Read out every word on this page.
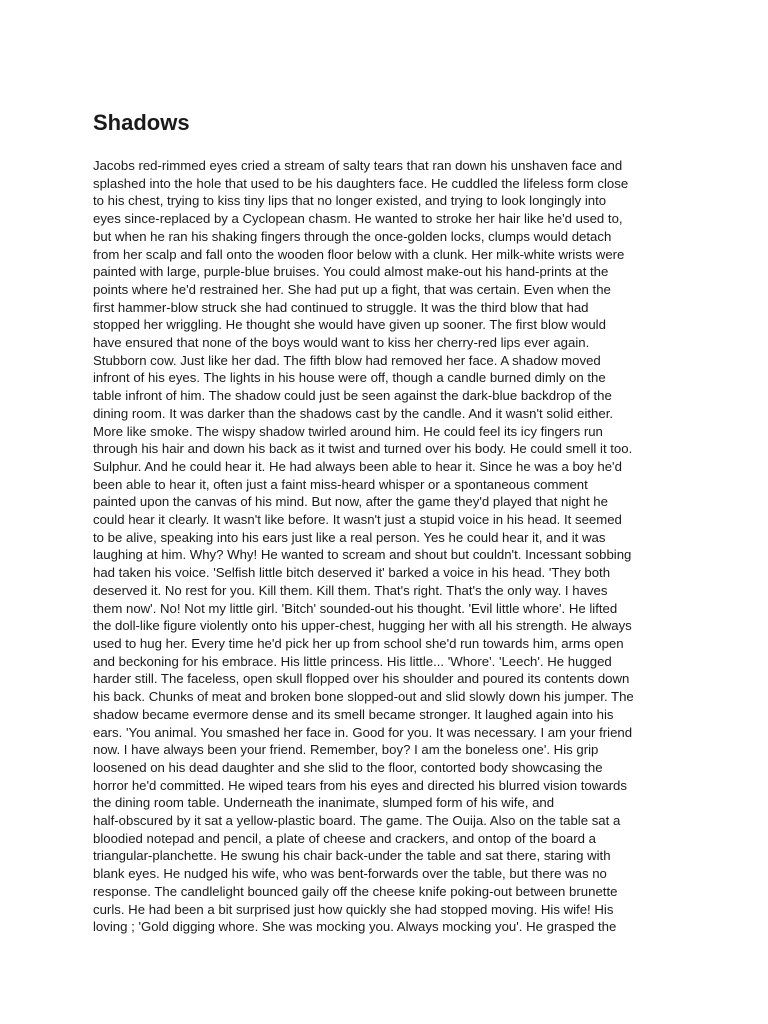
Shadows
Jacobs red-rimmed eyes cried a stream of salty tears that ran down his unshaven face and
splashed into the hole that used to be his daughters face. He cuddled the lifeless form close
to his chest, trying to kiss tiny lips that no longer existed, and trying to look longingly into
eyes since-replaced by a Cyclopean chasm. He wanted to stroke her hair like he'd used to,
but when he ran his shaking fingers through the once-golden locks, clumps would detach
from her scalp and fall onto the wooden floor below with a clunk. Her milk-white wrists were
painted with large, purple-blue bruises. You could almost make-out his hand-prints at the
points where he'd restrained her. She had put up a fight, that was certain. Even when the
first hammer-blow struck she had continued to struggle. It was the third blow that had
stopped her wriggling. He thought she would have given up sooner. The first blow would
have ensured that none of the boys would want to kiss her cherry-red lips ever again.
Stubborn cow. Just like her dad. The fifth blow had removed her face. A shadow moved
infront of his eyes. The lights in his house were off, though a candle burned dimly on the
table infront of him. The shadow could just be seen against the dark-blue backdrop of the
dining room. It was darker than the shadows cast by the candle. And it wasn't solid either.
More like smoke. The wispy shadow twirled around him. He could feel its icy fingers run
through his hair and down his back as it twist and turned over his body. He could smell it too.
Sulphur. And he could hear it. He had always been able to hear it. Since he was a boy he'd
been able to hear it, often just a faint miss-heard whisper or a spontaneous comment
painted upon the canvas of his mind. But now, after the game they'd played that night he
could hear it clearly. It wasn't like before. It wasn't just a stupid voice in his head. It seemed
to be alive, speaking into his ears just like a real person. Yes he could hear it, and it was
laughing at him. Why? Why! He wanted to scream and shout but couldn't. Incessant sobbing
had taken his voice. 'Selfish little bitch deserved it' barked a voice in his head. 'They both
deserved it. No rest for you. Kill them. Kill them. That's right. That's the only way. I haves
them now'. No! Not my little girl. 'Bitch' sounded-out his thought. 'Evil little whore'. He lifted
the doll-like figure violently onto his upper-chest, hugging her with all his strength. He always
used to hug her. Every time he'd pick her up from school she'd run towards him, arms open
and beckoning for his embrace. His little princess. His little... 'Whore'. 'Leech'. He hugged
harder still. The faceless, open skull flopped over his shoulder and poured its contents down
his back. Chunks of meat and broken bone slopped-out and slid slowly down his jumper. The
shadow became evermore dense and its smell became stronger. It laughed again into his
ears. 'You animal. You smashed her face in. Good for you. It was necessary. I am your friend
now. I have always been your friend. Remember, boy? I am the boneless one'. His grip
loosened on his dead daughter and she slid to the floor, contorted body showcasing the
horror he'd committed. He wiped tears from his eyes and directed his blurred vision towards
the dining room table. Underneath the inanimate, slumped form of his wife, and
half-obscured by it sat a yellow-plastic board. The game. The Ouija. Also on the table sat a
bloodied notepad and pencil, a plate of cheese and crackers, and ontop of the board a
triangular-planchette. He swung his chair back-under the table and sat there, staring with
blank eyes. He nudged his wife, who was bent-forwards over the table, but there was no
response. The candlelight bounced gaily off the cheese knife poking-out between brunette
curls. He had been a bit surprised just how quickly she had stopped moving. His wife! His
loving ; 'Gold digging whore. She was mocking you. Always mocking you'. He grasped the
